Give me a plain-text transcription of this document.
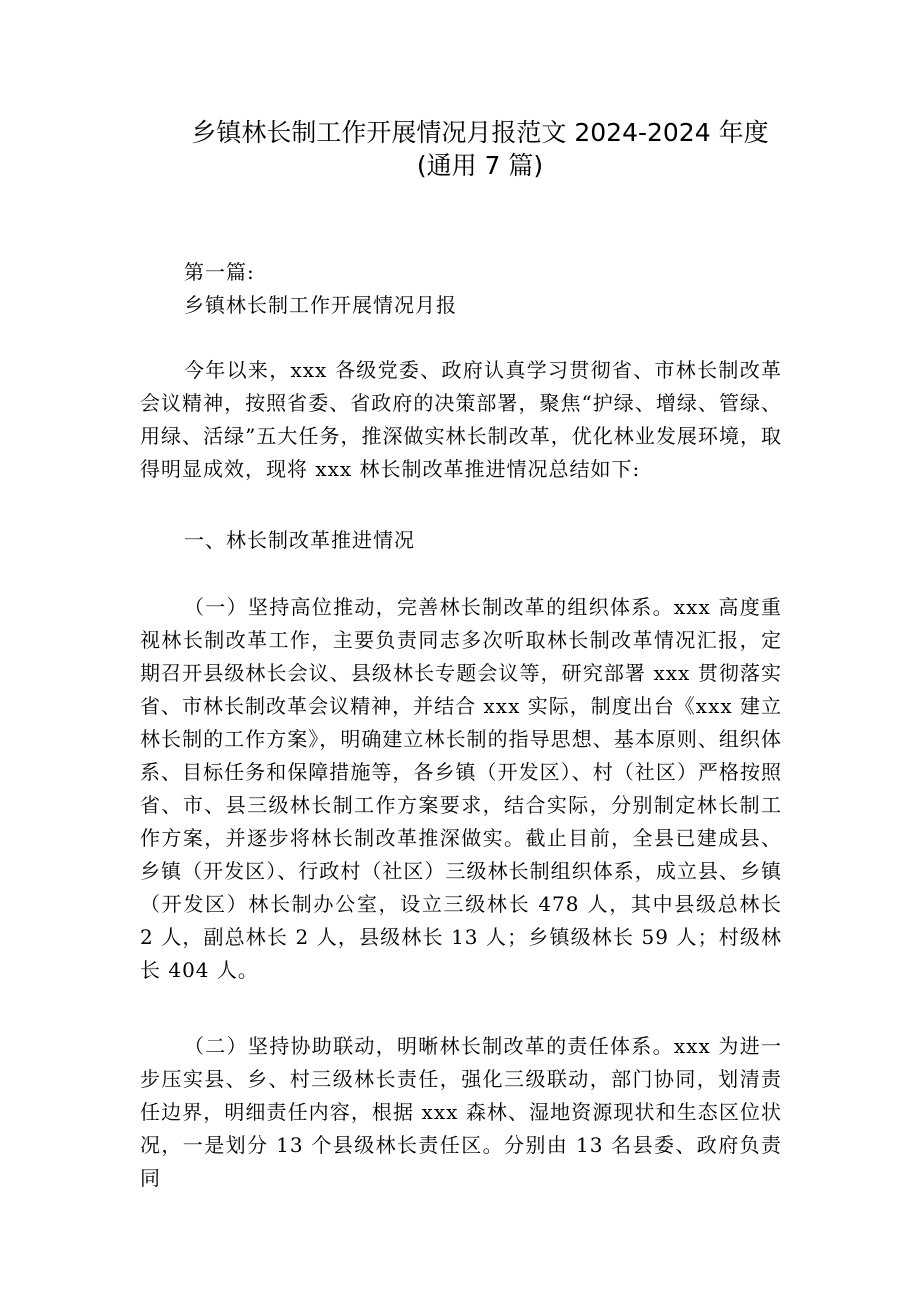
乡镇林长制工作开展情况月报范文 2024-2024 年度(通用 7 篇)
第一篇:
乡镇林长制工作开展情况月报
今年以来，xxx 各级党委、政府认真学习贯彻省、市林长制改革会议精神，按照省委、省政府的决策部署，聚焦“护绿、增绿、管绿、用绿、活绿”五大任务，推深做实林长制改革，优化林业发展环境，取得明显成效，现将 xxx 林长制改革推进情况总结如下:
一、林长制改革推进情况
（一）坚持高位推动，完善林长制改革的组织体系。xxx 高度重视林长制改革工作，主要负责同志多次听取林长制改革情况汇报，定期召开县级林长会议、县级林长专题会议等，研究部署 xxx 贯彻落实省、市林长制改革会议精神，并结合 xxx 实际，制度出台《xxx 建立林长制的工作方案》，明确建立林长制的指导思想、基本原则、组织体系、目标任务和保障措施等，各乡镇（开发区）、村（社区）严格按照省、市、县三级林长制工作方案要求，结合实际，分别制定林长制工作方案，并逐步将林长制改革推深做实。截止目前，全县已建成县、乡镇（开发区）、行政村（社区）三级林长制组织体系，成立县、乡镇（开发区）林长制办公室，设立三级林长 478 人，其中县级总林长 2 人，副总林长 2 人，县级林长 13 人；乡镇级林长 59 人；村级林长 404 人。
（二）坚持协助联动，明晰林长制改革的责任体系。xxx 为进一步压实县、乡、村三级林长责任，强化三级联动，部门协同，划清责任边界，明细责任内容，根据 xxx 森林、湿地资源现状和生态区位状况，一是划分 13 个县级林长责任区。分别由 13 名县委、政府负责同
